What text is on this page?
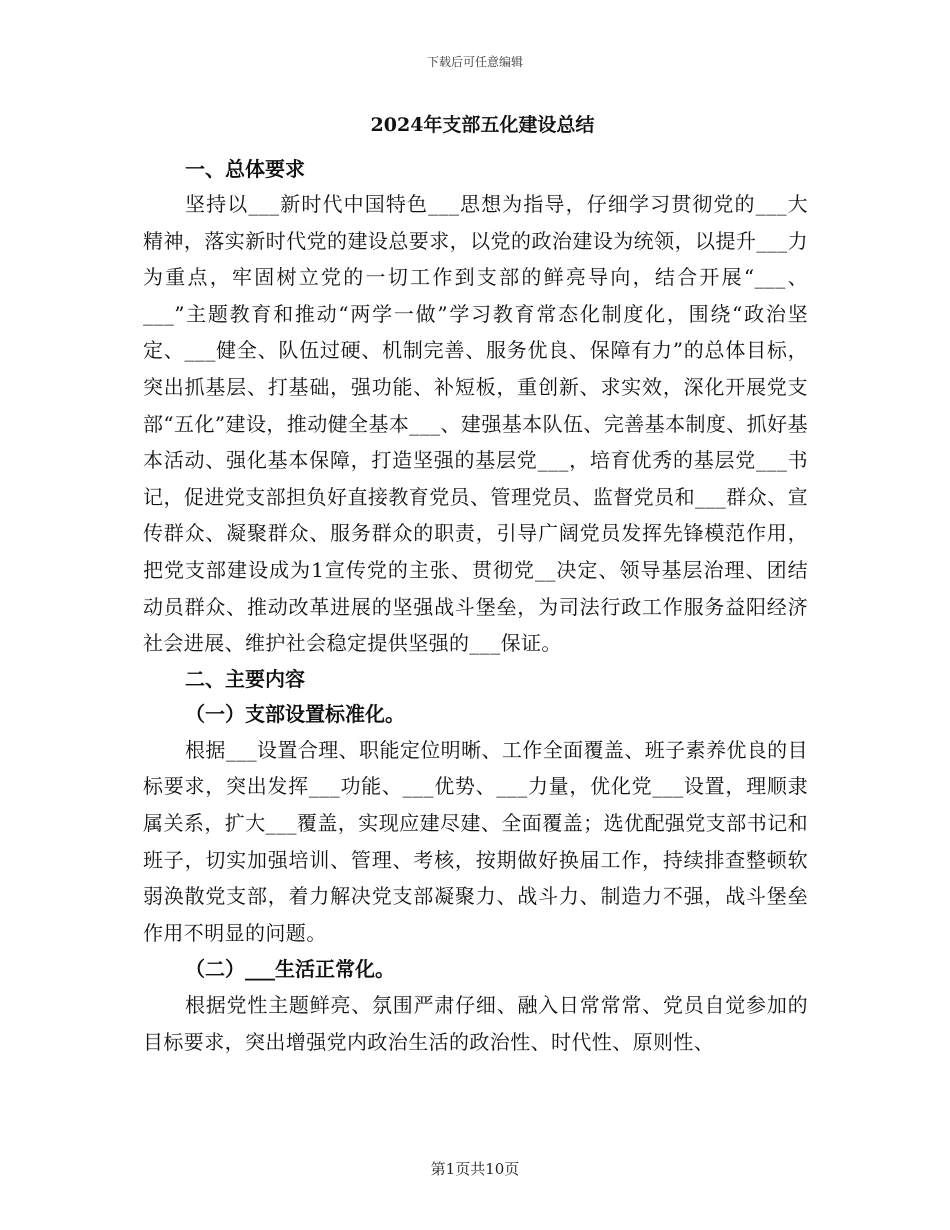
下载后可任意编辑
2024年支部五化建设总结
一、总体要求

坚持以___新时代中国特色___思想为指导，仔细学习贯彻党的___大精神，落实新时代党的建设总要求，以党的政治建设为统领，以提升___力为重点，牢固树立党的一切工作到支部的鲜亮导向，结合开展“___、___”主题教育和推动“两学一做”学习教育常态化制度化，围绕“政治坚定、___健全、队伍过硬、机制完善、服务优良、保障有力”的总体目标，突出抓基层、打基础，强功能、补短板，重创新、求实效，深化开展党支部“五化”建设，推动健全基本___、建强基本队伍、完善基本制度、抓好基本活动、强化基本保障，打造坚强的基层党___，培育优秀的基层党___书记，促进党支部担负好直接教育党员、管理党员、监督党员和___群众、宣传群众、凝聚群众、服务群众的职责，引导广阔党员发挥先锋模范作用，把党支部建设成为1宣传党的主张、贯彻党__决定、领导基层治理、团结动员群众、推动改革进展的坚强战斗堡垒，为司法行政工作服务益阳经济社会进展、维护社会稳定提供坚强的___保证。

二、主要内容
（一）支部设置标准化。

根据___设置合理、职能定位明晰、工作全面覆盖、班子素养优良的目标要求，突出发挥___功能、___优势、___力量，优化党___设置，理顺隶属关系，扩大___覆盖，实现应建尽建、全面覆盖；选优配强党支部书记和班子，切实加强培训、管理、考核，按期做好换届工作，持续排查整顿软弱涣散党支部，着力解决党支部凝聚力、战斗力、制造力不强，战斗堡垒作用不明显的问题。

（二）___生活正常化。

根据党性主题鲜亮、氛围严肃仔细、融入日常常常、党员自觉参加的目标要求，突出增强党内政治生活的政治性、时代性、原则性、

第1页共10页
